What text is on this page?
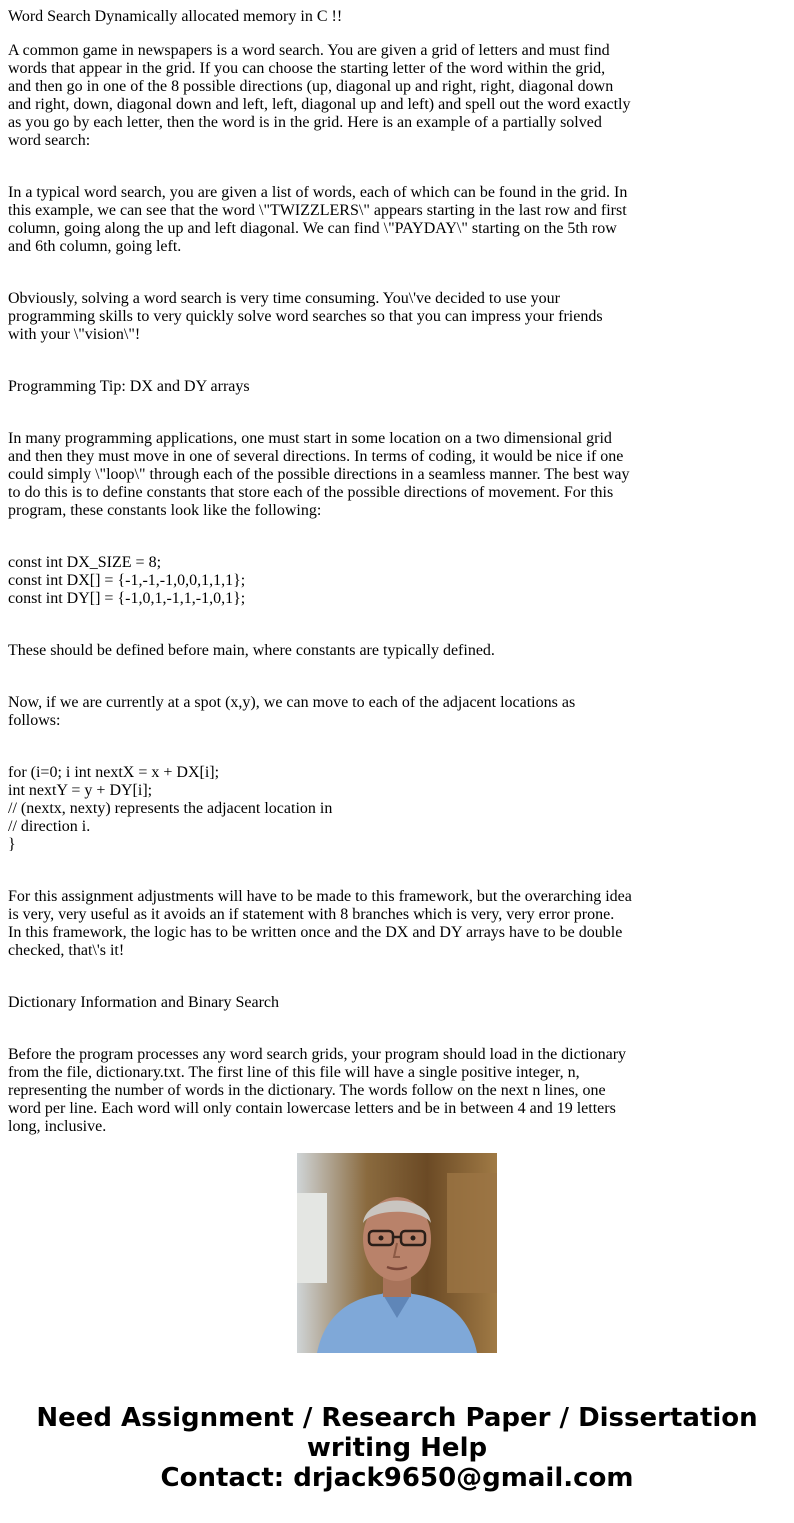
Word Search Dynamically allocated memory in C !!

A common game in newspapers is a word search. You are given a grid of letters and must find
words that appear in the grid. If you can choose the starting letter of the word within the grid,
and then go in one of the 8 possible directions (up, diagonal up and right, right, diagonal down
and right, down, diagonal down and left, left, diagonal up and left) and spell out the word exactly
as you go by each letter, then the word is in the grid. Here is an example of a partially solved
word search:
In a typical word search, you are given a list of words, each of which can be found in the grid. In
this example, we can see that the word \"TWIZZLERS\" appears starting in the last row and first
column, going along the up and left diagonal. We can find \"PAYDAY\" starting on the 5th row
and 6th column, going left.
Obviously, solving a word search is very time consuming. You\'ve decided to use your
programming skills to very quickly solve word searches so that you can impress your friends
with your \"vision\"!

Programming Tip: DX and DY arrays

In many programming applications, one must start in some location on a two dimensional grid
and then they must move in one of several directions. In terms of coding, it would be nice if one
could simply \"loop\" through each of the possible directions in a seamless manner. The best way
to do this is to define constants that store each of the possible directions of movement. For this
program, these constants look like the following:
const int DX_SIZE = 8;
const int DX[] = {-1,-1,-1,0,0,1,1,1};
const int DY[] = {-1,0,1,-1,1,-1,0,1};
These should be defined before main, where constants are typically defined.
Now, if we are currently at a spot (x,y), we can move to each of the adjacent locations as
follows:
for (i=0; i int nextX = x + DX[i];
int nextY = y + DY[i];
// (nextx, nexty) represents the adjacent location in
// direction i.
}
For this assignment adjustments will have to be made to this framework, but the overarching idea
is very, very useful as it avoids an if statement with 8 branches which is very, very error prone.
In this framework, the logic has to be written once and the DX and DY arrays have to be double
checked, that\'s it!

Dictionary Information and Binary Search

Before the program processes any word search grids, your program should load in the dictionary
from the file, dictionary.txt. The first line of this file will have a single positive integer, n,
representing the number of words in the dictionary. The words follow on the next n lines, one
word per line. Each word will only contain lowercase letters and be in between 4 and 19 letters
long, inclusive.
Need Assignment / Research Paper / Dissertation
writing Help
Contact: drjack9650@gmail.com
